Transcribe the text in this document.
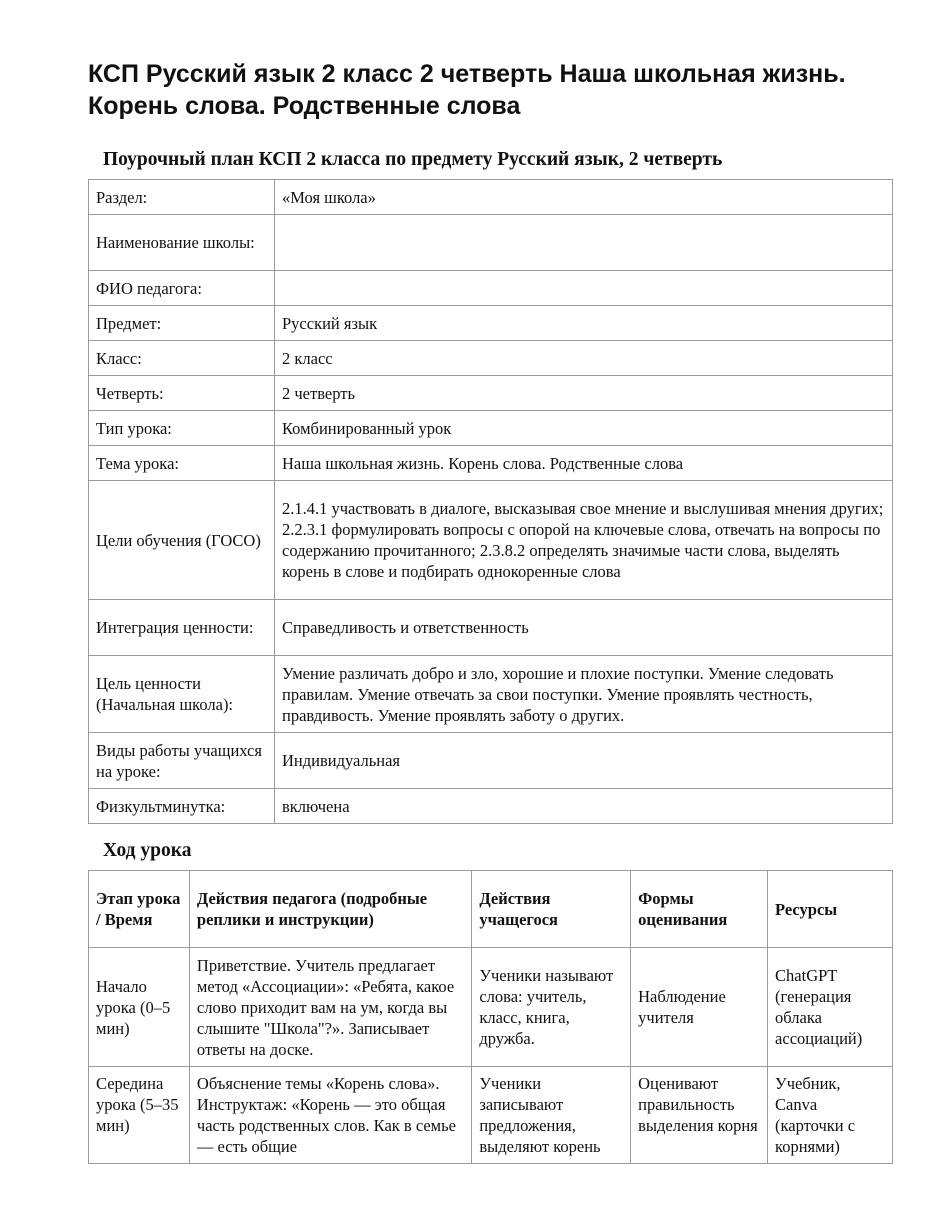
КСП Русский язык 2 класс 2 четверть Наша школьная жизнь. Корень слова. Родственные слова
Поурочный план КСП 2 класса по предмету Русский язык, 2 четверть
Раздел:	«Моя школа»
Наименование школы:	
ФИО педагога:	
Предмет:	Русский язык
Класс:	2 класс
Четверть:	2 четверть
Тип урока:	Комбинированный урок
Тема урока:	Наша школьная жизнь. Корень слова. Родственные слова
Цели обучения (ГОСО)	2.1.4.1 участвовать в диалоге, высказывая свое мнение и выслушивая мнения других; 2.2.3.1 формулировать вопросы с опорой на ключевые слова, отвечать на вопросы по содержанию прочитанного; 2.3.8.2 определять значимые части слова, выделять корень в слове и подбирать однокоренные слова
Интеграция ценности:	Справедливость и ответственность
Цель ценности (Начальная школа):	Умение различать добро и зло, хорошие и плохие поступки. Умение следовать правилам. Умение отвечать за свои поступки. Умение проявлять честность, правдивость. Умение проявлять заботу о других.
Виды работы учащихся на уроке:	Индивидуальная
Физкультминутка:	включена
Ход урока
Этап урока / Время	Действия педагога (подробные реплики и инструкции)	Действия учащегося	Формы оценивания	Ресурсы
Начало урока (0–5 мин)	Приветствие. Учитель предлагает метод «Ассоциации»: «Ребята, какое слово приходит вам на ум, когда вы слышите "Школа"?». Записывает ответы на доске.	Ученики называют слова: учитель, класс, книга, дружба.	Наблюдение учителя	ChatGPT (генерация облака ассоциаций)
Середина урока (5–35 мин)	Объяснение темы «Корень слова». Инструктаж: «Корень — это общая часть родственных слов. Как в семье — есть общие	Ученики записывают предложения, выделяют корень	Оценивают правильность выделения корня	Учебник, Canva (карточки с корнями)
